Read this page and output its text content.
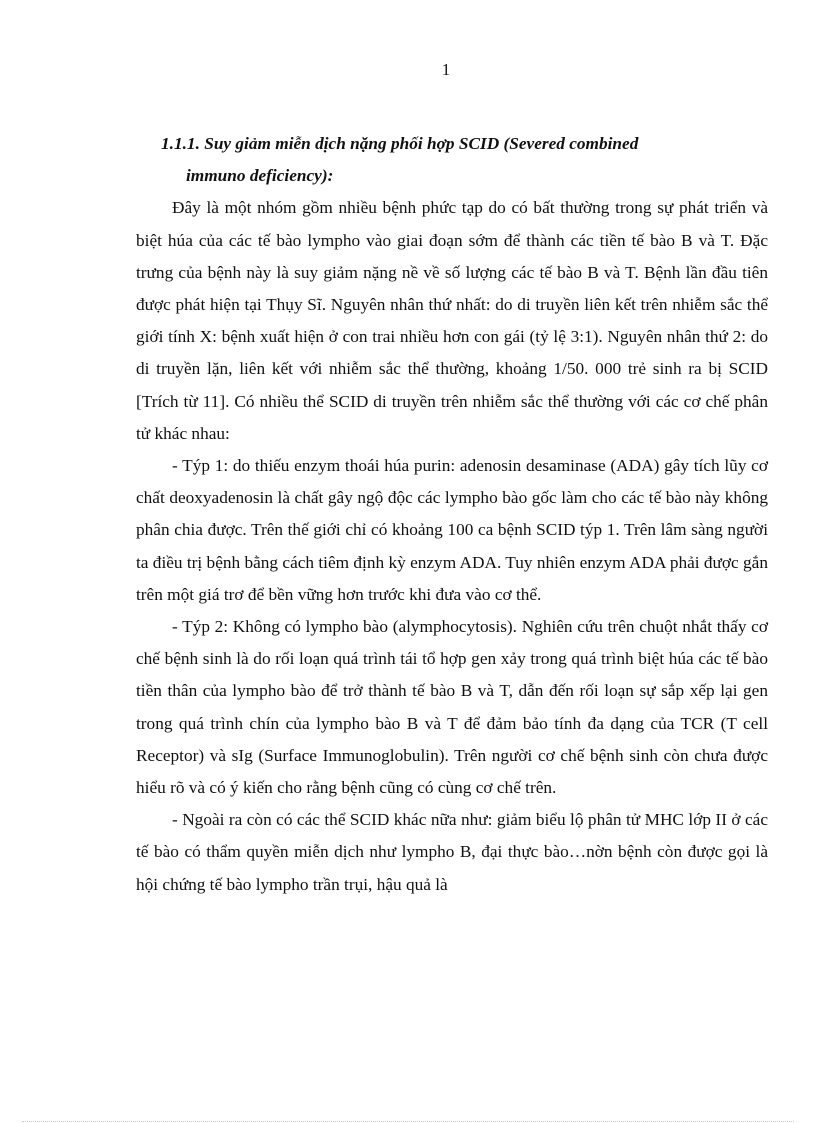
1

1.1.1. Suy giảm miễn dịch nặng phối hợp SCID (Severed combined
immuno deficiency):

Đây là một nhóm gồm nhiều bệnh phức tạp do có bất thường trong sự phát triển và biệt húa của các tế bào lympho vào giai đoạn sớm để thành các tiền tế bào B và T. Đặc trưng của bệnh này là suy giảm nặng nề về số lượng các tế bào B và T. Bệnh lần đầu tiên được phát hiện tại Thụy Sĩ. Nguyên nhân thứ nhất: do di truyền liên kết trên nhiễm sắc thể giới tính X: bệnh xuất hiện ở con trai nhiều hơn con gái (tỷ lệ 3:1). Nguyên nhân thứ 2: do di truyền lặn, liên kết với nhiễm sắc thể thường, khoảng 1/50. 000 trẻ sinh ra bị SCID [Trích từ 11]. Có nhiều thể SCID di truyền trên nhiễm sắc thể thường với các cơ chế phân tử khác nhau:

- Týp 1: do thiếu enzym thoái húa purin: adenosin desaminase (ADA) gây tích lũy cơ chất deoxyadenosin là chất gây ngộ độc các lympho bào gốc làm cho các tế bào này không phân chia được. Trên thế giới chỉ có khoảng 100 ca bệnh SCID týp 1. Trên lâm sàng người ta điều trị bệnh bằng cách tiêm định kỳ enzym ADA. Tuy nhiên enzym ADA phải được gắn trên một giá trơ để bền vững hơn trước khi đưa vào cơ thể.

- Týp 2: Không có lympho bào (alymphocytosis). Nghiên cứu trên chuột nhắt thấy cơ chế bệnh sinh là do rối loạn quá trình tái tổ hợp gen xảy trong quá trình biệt húa các tế bào tiền thân của lympho bào để trở thành tế bào B và T, dẫn đến rối loạn sự sắp xếp lại gen trong quá trình chín của lympho bào B và T để đảm bảo tính đa dạng của TCR (T cell Receptor) và sIg (Surface Immunoglobulin). Trên người cơ chế bệnh sinh còn chưa được hiểu rõ và có ý kiến cho rằng bệnh cũng có cùng cơ chế trên.

- Ngoài ra còn có các thể SCID khác nữa như: giảm biểu lộ phân tử MHC lớp II ở các tế bào có thẩm quyền miễn dịch như lympho B, đại thực bào…nờn bệnh còn được gọi là hội chứng tế bào lympho trần trụi, hậu quả là
